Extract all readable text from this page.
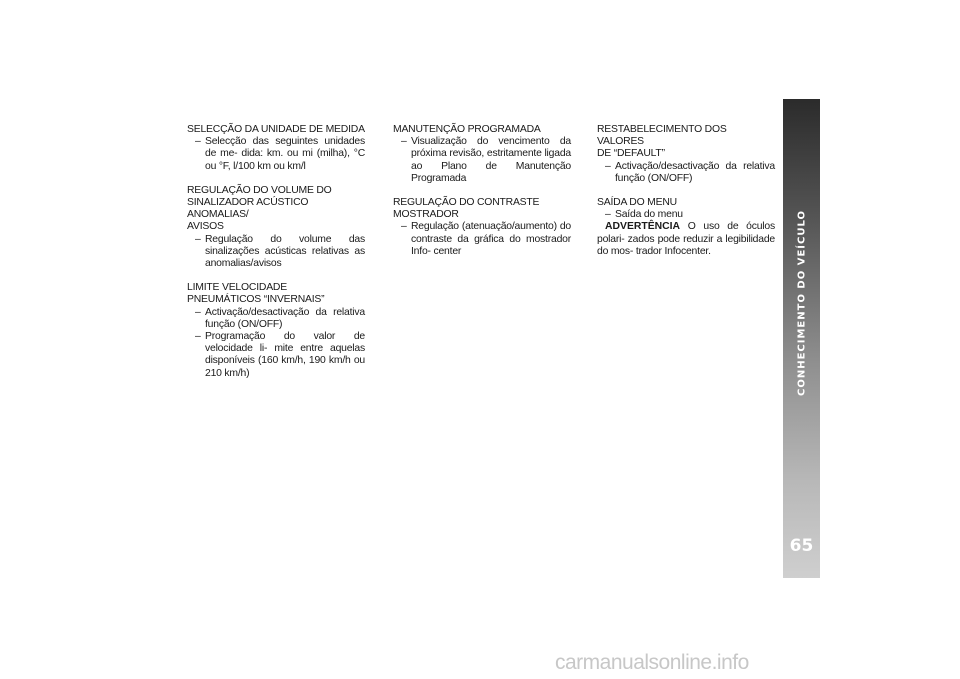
SELECÇÃO DA UNIDADE DE MEDIDA
– Selecção das seguintes unidades de me- dida: km. ou mi (milha), °C ou °F, l/100 km ou km/l
REGULAÇÃO DO VOLUME DO
SINALIZADOR ACÚSTICO ANOMALIAS/
AVISOS
– Regulação do volume das sinalizações acústicas relativas as anomalias/avisos
LIMITE VELOCIDADE
PNEUMÁTICOS “INVERNAIS”
– Activação/desactivação da relativa função (ON/OFF)
– Programação do valor de velocidade li- mite entre aquelas disponíveis (160 km/h, 190 km/h ou 210 km/h)
MANUTENÇÃO PROGRAMADA
– Visualização do vencimento da próxima revisão, estritamente ligada ao Plano de Manutenção Programada
REGULAÇÃO DO CONTRASTE MOSTRADOR
– Regulação (atenuação/aumento) do contraste da gráfica do mostrador Info- center
RESTABELECIMENTO DOS VALORES
DE “DEFAULT”
– Activação/desactivação da relativa função (ON/OFF)
SAÍDA DO MENU
– Saída do menu
ADVERTÊNCIA O uso de óculos polari- zados pode reduzir a legibilidade do mos- trador Infocenter.	CONHECIMENTO DO VEÍCULO
65
carmanualsonline.info
